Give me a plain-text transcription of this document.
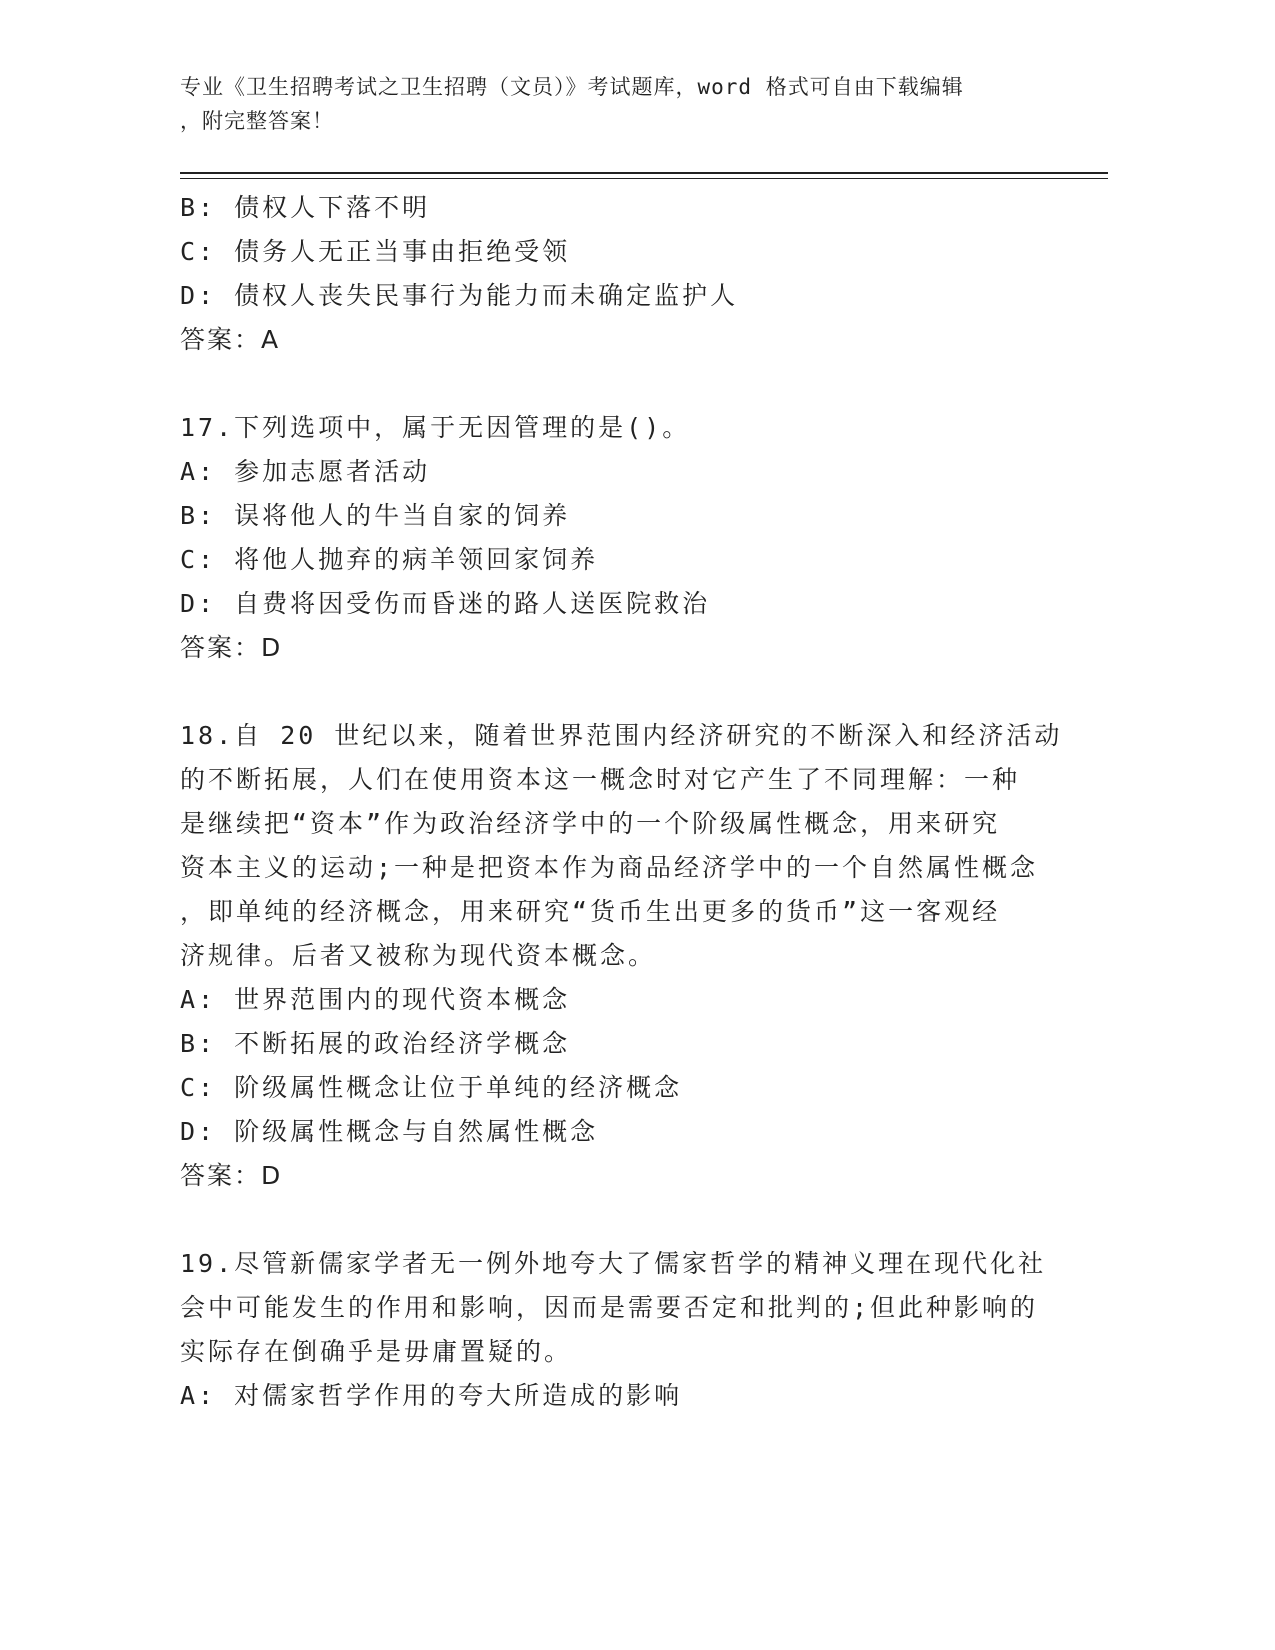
专业《卫生招聘考试之卫生招聘（文员）》考试题库，word 格式可自由下载编辑
，附完整答案！
B: 债权人下落不明
C: 债务人无正当事由拒绝受领
D: 债权人丧失民事行为能力而未确定监护人
答案：A
17.下列选项中，属于无因管理的是()。
A: 参加志愿者活动
B: 误将他人的牛当自家的饲养
C: 将他人抛弃的病羊领回家饲养
D: 自费将因受伤而昏迷的路人送医院救治
答案：D
18.自 20 世纪以来，随着世界范围内经济研究的不断深入和经济活动
的不断拓展，人们在使用资本这一概念时对它产生了不同理解：一种
是继续把“资本”作为政治经济学中的一个阶级属性概念，用来研究
资本主义的运动;一种是把资本作为商品经济学中的一个自然属性概念
，即单纯的经济概念，用来研究“货币生出更多的货币”这一客观经
济规律。后者又被称为现代资本概念。
A: 世界范围内的现代资本概念
B: 不断拓展的政治经济学概念
C: 阶级属性概念让位于单纯的经济概念
D: 阶级属性概念与自然属性概念
答案：D
19.尽管新儒家学者无一例外地夸大了儒家哲学的精神义理在现代化社
会中可能发生的作用和影响，因而是需要否定和批判的;但此种影响的
实际存在倒确乎是毋庸置疑的。
A: 对儒家哲学作用的夸大所造成的影响
